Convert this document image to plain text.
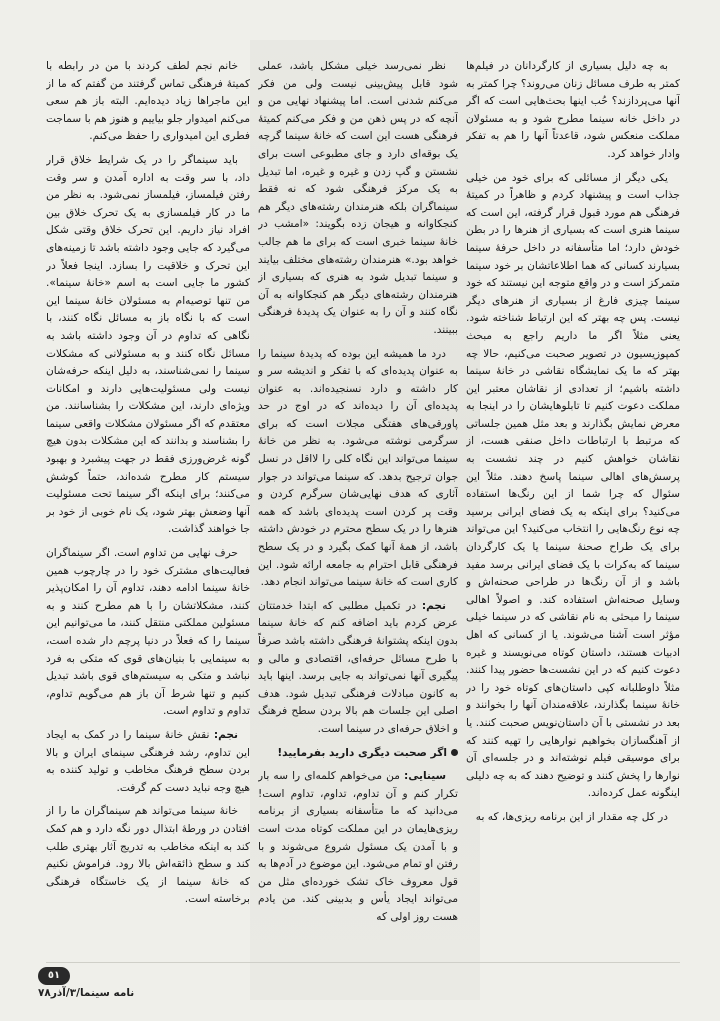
به چه دلیل بسیاری از کارگردانان در فیلم‌ها کمتر به طرف مسائل زنان می‌روند؟ چرا کمتر به آنها می‌پردازند؟ حُب اینها بحث‌هایی است که اگر در داخل خانه سینما مطرح شود و به مسئولان مملکت منعکس شود، قاعدتاً آنها را هم به تفکر وادار خواهد کرد.

یکی دیگر از مسائلی که برای خود من خیلی جذاب است و پیشنهاد کردم و ظاهراً در کمیتهٔ فرهنگی هم مورد قبول قرار گرفته، این است که سینما هنری است که بسیاری از هنرها را در بطن خودش دارد؛ اما متأسفانه در داخل حرفهٔ سینما بسیارند کسانی که هما اطلاعاتشان بر خود سینما متمرکز است و در واقع متوجه این نیستند که خود سینما چیزی فارغ از بسیاری از هنرهای دیگر نیست. پس چه بهتر که این ارتباط شناخته شود. یعنی مثلاً اگر ما داریم راجع به مبحث کمپوزیسیون در تصویر صحبت می‌کنیم، حالا چه بهتر که ما یک نمایشگاه نقاشی در خانهٔ سینما داشته باشیم؛ از تعدادی از نقاشان معتبر این مملکت دعوت کنیم تا تابلوهایشان را در اینجا به معرض نمایش بگذارند و بعد مثل همین جلساتی که مرتبط با ارتباطات داخل صنفی هست، از نقاشان خواهش کنیم در چند نشست به پرسش‌های اهالی سینما پاسخ دهند. مثلاً این سئوال که چرا شما از این رنگ‌ها استفاده می‌کنید؟ برای اینکه به یک فضای ایرانی برسید چه نوع رنگ‌هایی را انتخاب می‌کنید؟ این می‌تواند برای یک طراح صحنهٔ سینما یا یک کارگردان سینما که به‌کرات با یک فضای ایرانی برسد مفید باشد و از آن رنگ‌ها در طراحی صحنه‌اش و وسایل صحنه‌اش استفاده کند. و اصولاً اهالی سینما را مبحثی به نام نقاشی که در سینما خیلی مؤثر است آشنا می‌شوند. یا از کسانی که اهل ادبیات هستند، داستان کوتاه می‌نویسند و غیره دعوت کنیم که در این نشست‌ها حضور پیدا کنند. مثلاً داوطلبانه کپی داستان‌های کوتاه خود را در خانهٔ سینما بگذارند، علاقه‌مندان آنها را بخوانند و بعد در نشستی با آن داستان‌نویس صحبت کنند. یا از آهنگسازان بخواهیم نوارهایی را تهیه کنند که برای موسیقی فیلم نوشته‌اند و در جلسه‌ای آن نوارها را پخش کنند و توضیح دهند که به چه دلیلی اینگونه عمل کرده‌اند.

در کل چه مقدار از این برنامه ریزی‌ها، که به

نظر نمی‌رسد خیلی مشکل باشد، عملی شود قابل پیش‌بینی نیست ولی من فکر می‌کنم شدنی است. اما پیشنهاد نهایی من و آنچه که در پس ذهن من و فکر می‌کنم کمیتهٔ فرهنگی هست این است که خانهٔ سینما گرچه یک بوقه‌ای دارد و جای مطبوعی است برای نشستن و گپ زدن و غیره و غیره، اما تبدیل به یک مرکز فرهنگی شود که نه فقط سینماگران بلکه هنرمندان رشته‌های دیگر هم کنجکاوانه و هیجان زده بگویند: «امشب در خانهٔ سینما خبری است که برای ما هم جالب خواهد بود.» هنرمندان رشته‌های مختلف بیایند و سینما تبدیل شود به هنری که بسیاری از هنرمندان رشته‌های دیگر هم کنجکاوانه به آن نگاه کنند و آن را به عنوان یک پدیدهٔ فرهنگی ببینند.

درد ما همیشه این بوده که پدیدهٔ سینما را به عنوان پدیده‌ای که با تفکر و اندیشه سر و کار داشته و دارد نسنجیده‌اند. به عنوان پدیده‌ای آن را دیده‌اند که در اوج در حد پاورقی‌های هفتگی مجلات است که برای سرگرمی نوشته می‌شود. به نظر من خانهٔ سینما می‌تواند این نگاه کلی را لااقل در نسل جوان ترجیح بدهد. که سینما می‌تواند در جوار آثاری که هدف نهایی‌شان سرگرم کردن و وقت پر کردن است پدیده‌ای باشد که همه هنرها را در یک سطح محترم در خودش داشته باشد، از همهٔ آنها کمک بگیرد و در یک سطح فرهنگی قابل احترام به جامعه ارائه شود. این کاری است که خانهٔ سینما می‌تواند انجام دهد.

نجم: در تکمیل مطلبی که ابتدا خدمتتان عرض کردم باید اضافه کنم که خانهٔ سینما بدون اینکه پشتوانهٔ فرهنگی داشته باشد صرفاً با طرح مسائل حرفه‌ای، اقتصادی و مالی و پیگیری آنها نمی‌تواند به جایی برسد. اینها باید به کانون مبادلات فرهنگی تبدیل شود. هدف اصلی این جلسات هم بالا بردن سطح فرهنگ و اخلاق حرفه‌ای در سینما است.

اگر صحبت دیگری دارید بفرمایید!

سینایی: من می‌خواهم کلمه‌ای را سه بار تکرار کنم و آن تداوم، تداوم، تداوم است! می‌دانید که ما متأسفانه بسیاری از برنامه ریزی‌هایمان در این مملکت کوتاه مدت است و با آمدن یک مسئول شروع می‌شوند و با رفتن او تمام می‌شود. این موضوع در آدم‌ها به قول معروف خاک تشک خورده‌ای مثل من می‌تواند ایجاد یأس و بدبینی کند. من یادم هست روز اولی که

خانم نجم لطف کردند با من در رابطه با کمیتهٔ فرهنگی تماس گرفتند من گفتم که ما از این ماجراها زیاد دیده‌ایم. البته باز هم سعی می‌کنم امیدوار جلو بیاییم و هنوز هم با سماجت فطری این امیدواری را حفظ می‌کنم.

باید سینماگر را در یک شرایط خلاق قرار داد، با سر وقت به اداره آمدن و سر وقت رفتن فیلمساز، فیلمساز نمی‌شود. به نظر من ما در کار فیلمسازی به یک تحرک خلاق بین افراد نیاز داریم. این تحرک خلاق وقتی شکل می‌گیرد که جایی وجود داشته باشد تا زمینه‌های این تحرک و خلاقیت را بسازد. اینجا فعلاً در کشور ما جایی است به اسم «خانهٔ سینما». من تنها توصیه‌ام به مسئولان خانهٔ سینما این است که با نگاه باز به مسائل نگاه کنند، با نگاهی که تداوم در آن وجود داشته باشد به مسائل نگاه کنند و به مسئولانی که مشکلات سینما را نمی‌شناسند، به دلیل اینکه حرفه‌شان نیست ولی مسئولیت‌هایی دارند و امکانات ویژه‌ای دارند، این مشکلات را بشناسانند. من معتقدم که اگر مسئولان مشکلات واقعی سینما را بشناسند و بدانند که این مشکلات بدون هیچ گونه غرض‌ورزی فقط در جهت پیشبرد و بهبود سیستم کار مطرح شده‌اند، حتماً کوشش می‌کنند؛ برای اینکه اگر سینما تحت مسئولیت آنها وضعش بهتر شود، یک نام خوبی از خود بر جا خواهند گذاشت.

حرف نهایی من تداوم است. اگر سینماگران فعالیت‌های مشترک خود را در چارچوب همین خانهٔ سینما ادامه دهند، تداوم آن را امکان‌پذیر کنند، مشکلاتشان را با هم مطرح کنند و به مسئولین مملکتی منتقل کنند، ما می‌توانیم این سینما را که فعلاً در دنیا پرچم دار شده است، به سینمایی با بنیان‌های قوی که متکی به فرد نباشد و متکی به سیستم‌های قوی باشد تبدیل کنیم و تنها شرط آن باز هم می‌گویم تداوم، تداوم و تداوم است.

نجم: نقش خانهٔ سینما را در کمک به ایجاد این تداوم، رشد فرهنگی سینمای ایران و بالا بردن سطح فرهنگ مخاطب و تولید کننده به هیچ وجه نباید دست کم گرفت.

خانهٔ سینما می‌تواند هم سینماگران ما را از افتادن در ورطهٔ ابتذال دور نگه دارد و هم کمک کند به اینکه مخاطب به تدریج آثار بهتری طلب کند و سطح ذائقه‌اش بالا رود. فراموش نکنیم که خانهٔ سینما از یک خاستگاه فرهنگی برخاسته است.

٥١
نامه سینما/۳/آذر۷۸
